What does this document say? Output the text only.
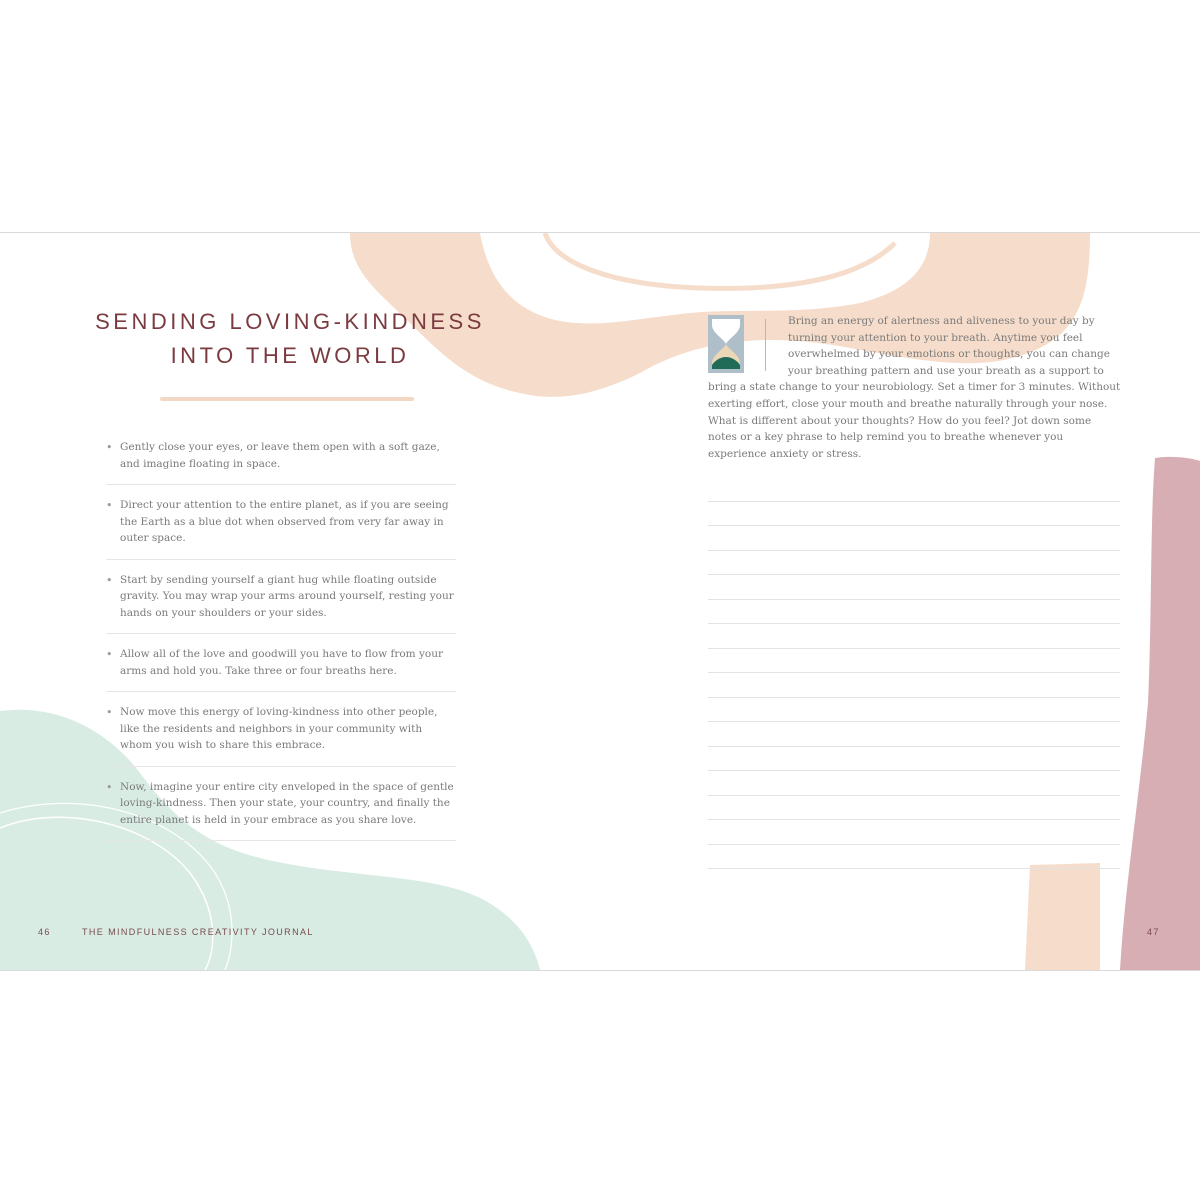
SENDING LOVING-KINDNESS
INTO THE WORLD
• Gently close your eyes, or leave them open with a soft gaze, and imagine floating in space.
• Direct your attention to the entire planet, as if you are seeing the Earth as a blue dot when observed from very far away in outer space.
• Start by sending yourself a giant hug while floating outside gravity. You may wrap your arms around yourself, resting your hands on your shoulders or your sides.
• Allow all of the love and goodwill you have to flow from your arms and hold you. Take three or four breaths here.
• Now move this energy of loving-kindness into other people, like the residents and neighbors in your community with whom you wish to share this embrace.
• Now, imagine your entire city enveloped in the space of gentle loving-kindness. Then your state, your country, and finally the entire planet is held in your embrace as you share love.
Bring an energy of alertness and aliveness to your day by turning your attention to your breath. Anytime you feel overwhelmed by your emotions or thoughts, you can change your breathing pattern and use your breath as a support to bring a state change to your neurobiology. Set a timer for 3 minutes. Without exerting effort, close your mouth and breathe naturally through your nose. What is different about your thoughts? How do you feel? Jot down some notes or a key phrase to help remind you to breathe whenever you experience anxiety or stress.
46	THE MINDFULNESS CREATIVITY JOURNAL	47
